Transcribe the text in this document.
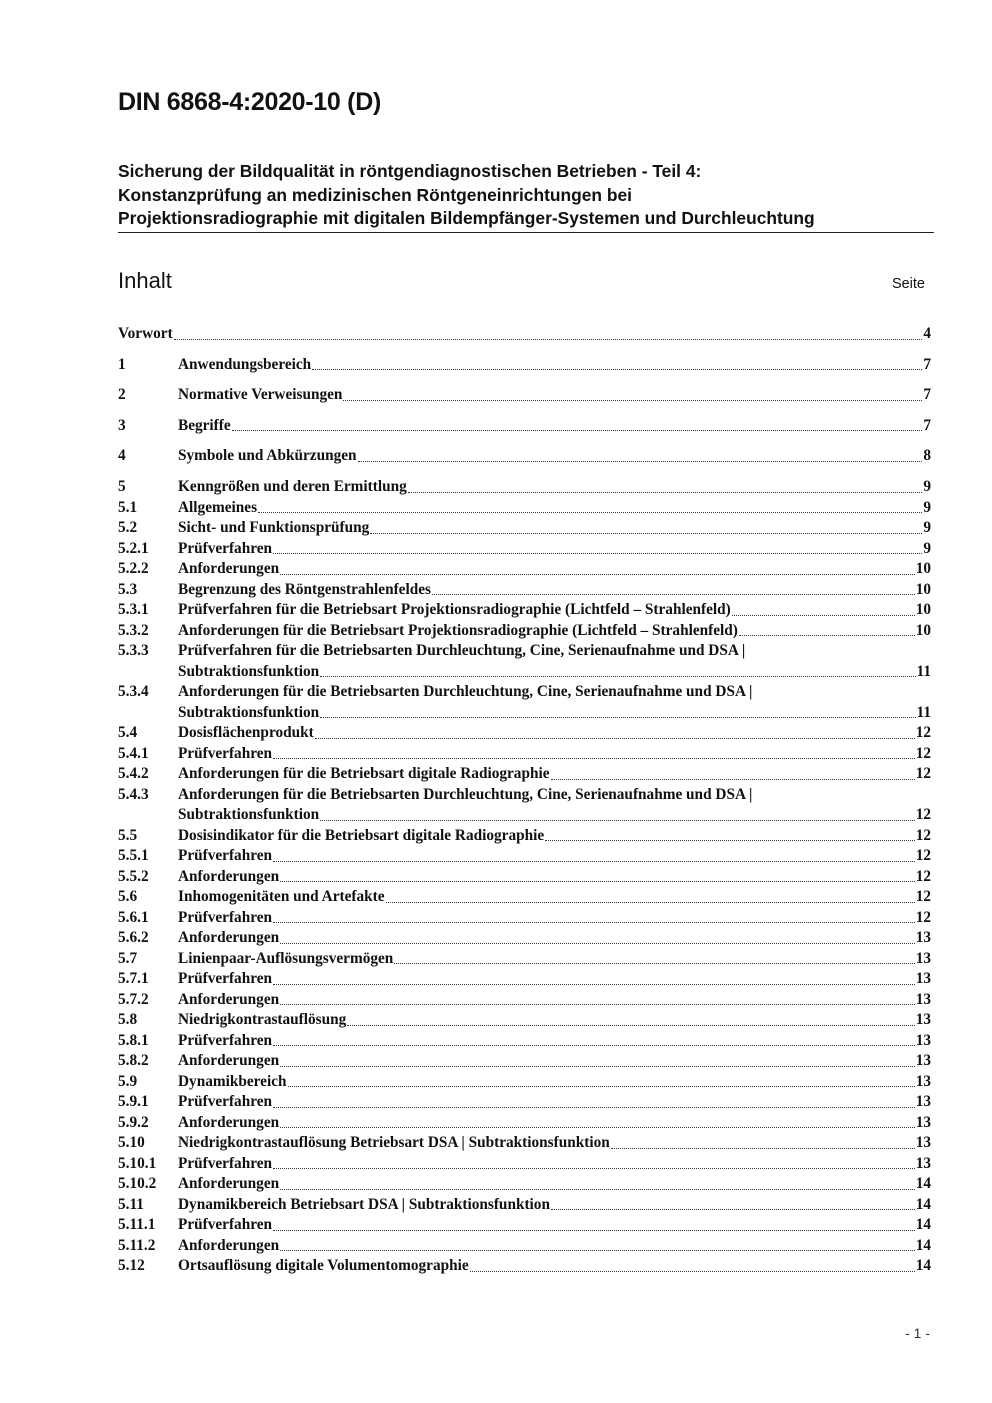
DIN 6868-4:2020-10 (D)
Sicherung der Bildqualität in röntgendiagnostischen Betrieben - Teil 4:
Konstanzprüfung an medizinischen Röntgeneinrichtungen bei
Projektionsradiographie mit digitalen Bildempfänger-Systemen und Durchleuchtung
Inhalt	Seite
Vorwort	4
1	Anwendungsbereich	7
2	Normative Verweisungen	7
3	Begriffe	7
4	Symbole und Abkürzungen	8
5	Kenngrößen und deren Ermittlung	9
5.1	Allgemeines	9
5.2	Sicht- und Funktionsprüfung	9
5.2.1 Prüfverfahren	9
5.2.2 Anforderungen	10
5.3	Begrenzung des Röntgenstrahlenfeldes	10
5.3.1 Prüfverfahren für die Betriebsart Projektionsradiographie (Lichtfeld – Strahlenfeld)	10
5.3.2 Anforderungen für die Betriebsart Projektionsradiographie (Lichtfeld – Strahlenfeld)	10
5.3.3 Prüfverfahren für die Betriebsarten Durchleuchtung, Cine, Serienaufnahme und DSA |
Subtraktionsfunktion	11
5.3.4 Anforderungen für die Betriebsarten Durchleuchtung, Cine, Serienaufnahme und DSA |
Subtraktionsfunktion	11
5.4	Dosisflächenprodukt	12
5.4.1 Prüfverfahren	12
5.4.2 Anforderungen für die Betriebsart digitale Radiographie	12
5.4.3 Anforderungen für die Betriebsarten Durchleuchtung, Cine, Serienaufnahme und DSA |
Subtraktionsfunktion	12
5.5	Dosisindikator für die Betriebsart digitale Radiographie	12
5.5.1 Prüfverfahren	12
5.5.2 Anforderungen	12
5.6	Inhomogenitäten und Artefakte	12
5.6.1 Prüfverfahren	12
5.6.2 Anforderungen	13
5.7	Linienpaar-Auflösungsvermögen	13
5.7.1 Prüfverfahren	13
5.7.2 Anforderungen	13
5.8	Niedrigkontrastauflösung	13
5.8.1 Prüfverfahren	13
5.8.2 Anforderungen	13
5.9	Dynamikbereich	13
5.9.1 Prüfverfahren	13
5.9.2 Anforderungen	13
5.10 Niedrigkontrastauflösung Betriebsart DSA | Subtraktionsfunktion	13
5.10.1 Prüfverfahren	13
5.10.2 Anforderungen	14
5.11 Dynamikbereich Betriebsart DSA | Subtraktionsfunktion	14
5.11.1 Prüfverfahren	14
5.11.2 Anforderungen	14
5.12 Ortsauflösung digitale Volumentomographie	14
- 1 -
